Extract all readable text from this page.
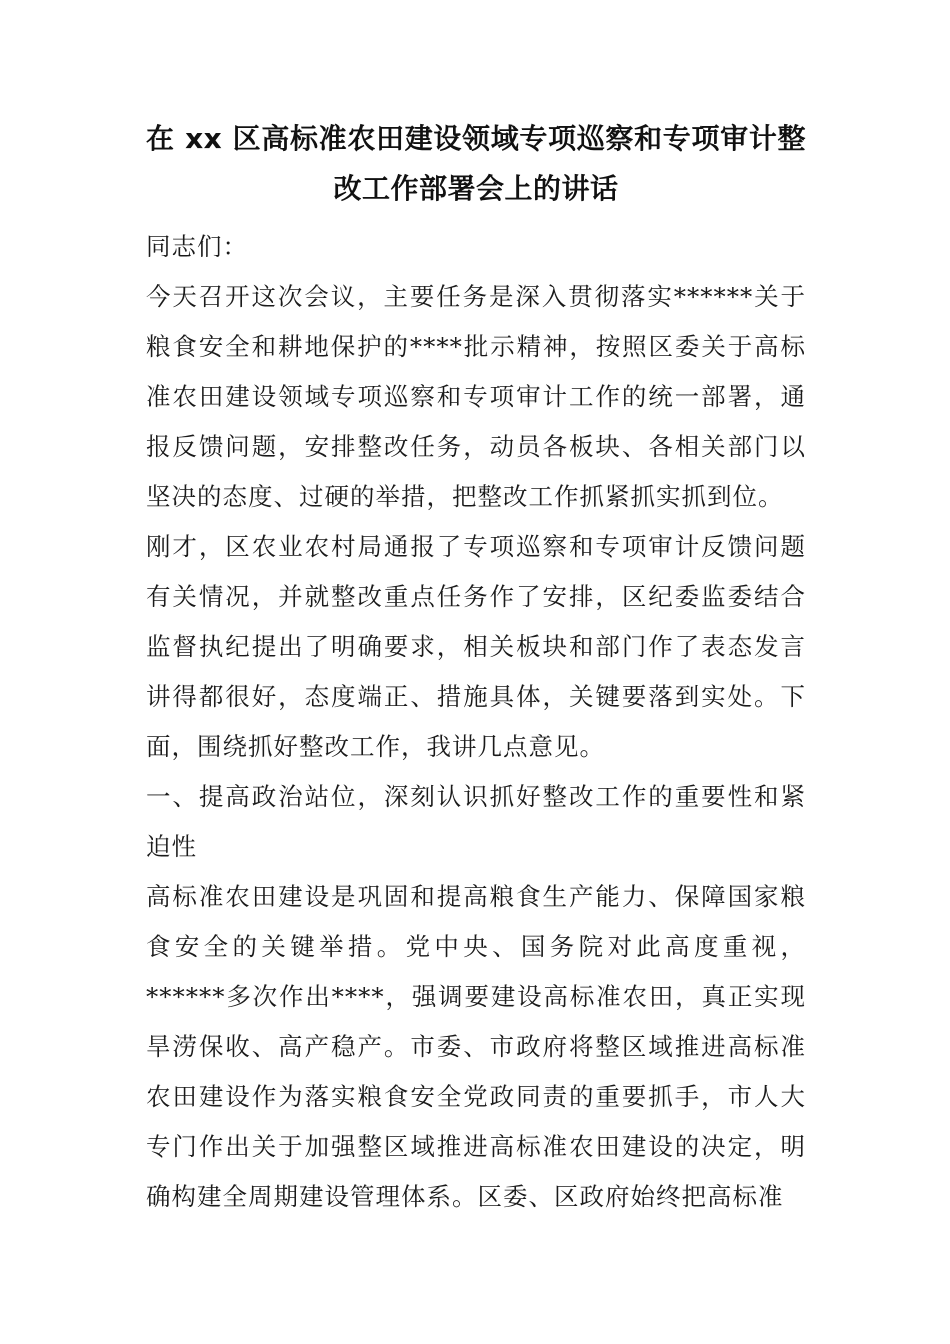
在 xx 区高标准农田建设领域专项巡察和专项审计整
改工作部署会上的讲话

同志们：

今天召开这次会议，主要任务是深入贯彻落实******关于粮食安全和耕地保护的****批示精神，按照区委关于高标准农田建设领域专项巡察和专项审计工作的统一部署，通报反馈问题，安排整改任务，动员各板块、各相关部门以坚决的态度、过硬的举措，把整改工作抓紧抓实抓到位。

刚才，区农业农村局通报了专项巡察和专项审计反馈问题有关情况，并就整改重点任务作了安排，区纪委监委结合监督执纪提出了明确要求，相关板块和部门作了表态发言讲得都很好，态度端正、措施具体，关键要落到实处。下面，围绕抓好整改工作，我讲几点意见。

一、提高政治站位，深刻认识抓好整改工作的重要性和紧迫性

高标准农田建设是巩固和提高粮食生产能力、保障国家粮食安全的关键举措。党中央、国务院对此高度重视，******多次作出****，强调要建设高标准农田，真正实现旱涝保收、高产稳产。市委、市政府将整区域推进高标准农田建设作为落实粮食安全党政同责的重要抓手，市人大专门作出关于加强整区域推进高标准农田建设的决定，明确构建全周期建设管理体系。区委、区政府始终把高标准
